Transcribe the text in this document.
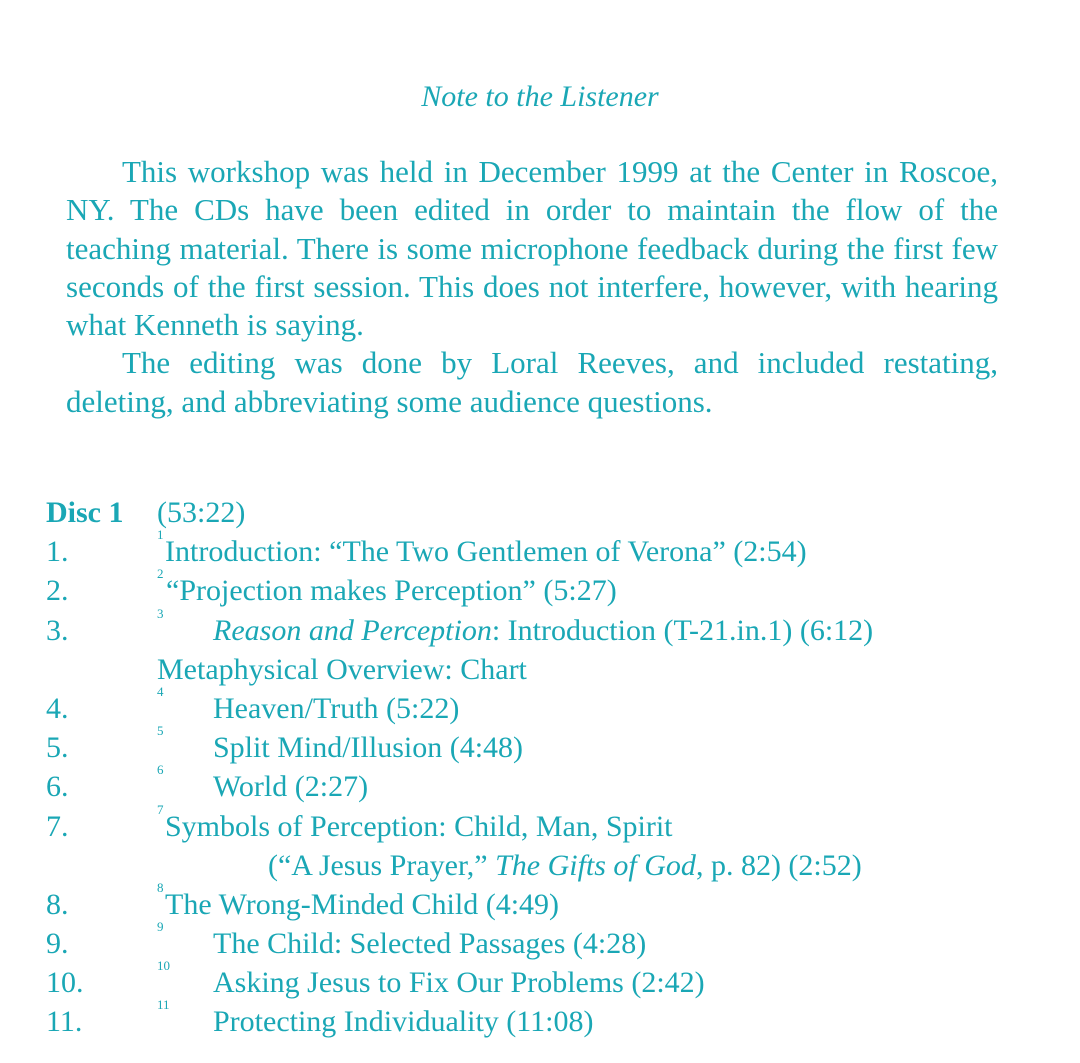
Note to the Listener

This workshop was held in December 1999 at the Center in Roscoe, NY. The CDs have been edited in order to maintain the flow of the teaching material. There is some microphone feedback during the first few seconds of the first session. This does not interfere, however, with hearing what Kenneth is saying.

The editing was done by Loral Reeves, and included restating, deleting, and abbreviating some audience questions.

Disc 1 (53:22)
1.
1
Introduction: “The Two Gentlemen of Verona” (2:54)
2.
2
“Projection makes Perception” (5:27)
3.
3
Reason and Perception: Introduction (T-21.in.1) (6:12)
Metaphysical Overview: Chart
4.
4
Heaven/Truth (5:22)
5.
5
Split Mind/Illusion (4:48)
6.
6
World (2:27)
7.
7
Symbols of Perception: Child, Man, Spirit
(“A Jesus Prayer,” The Gifts of God, p. 82) (2:52)
8.
8
The Wrong-Minded Child (4:49)
9.
9
The Child: Selected Passages (4:28)
10.
10
Asking Jesus to Fix Our Problems (2:42)
11.
11
Protecting Individuality (11:08)
